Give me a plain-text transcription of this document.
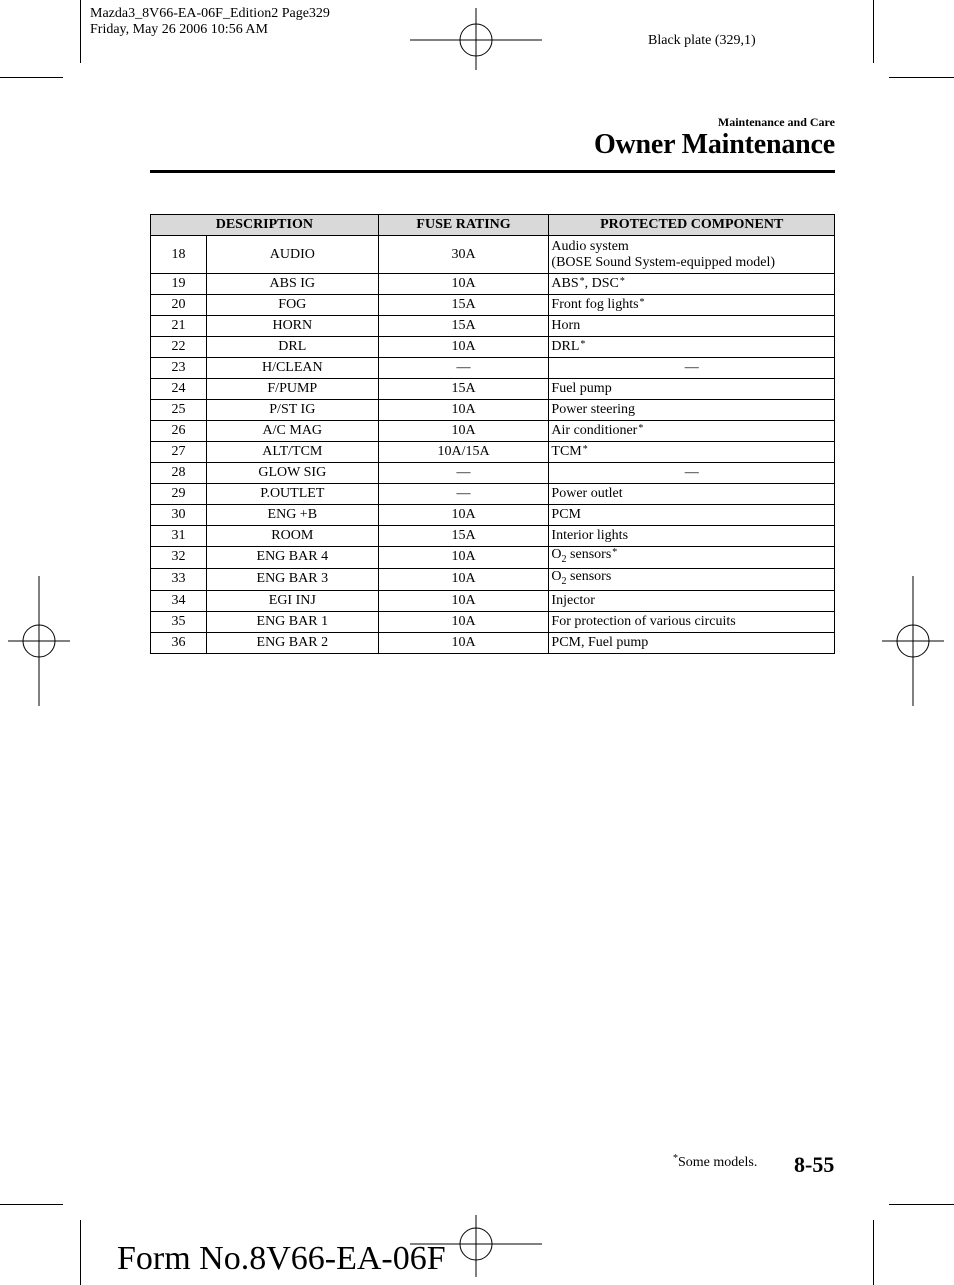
Mazda3_8V66-EA-06F_Edition2 Page329
Friday, May 26 2006 10:56 AM
Black plate (329,1)
Maintenance and Care
Owner Maintenance
DESCRIPTION		FUSE RATING	PROTECTED COMPONENT
18	AUDIO	30A	Audio system
(BOSE Sound System-equipped model)

19	ABS IG	10A	ABS*, DSC*
20	FOG	15A	Front fog lights*
21	HORN	15A	Horn
22	DRL	10A	DRL*
23	H/CLEAN	—	—
24	F/PUMP	15A	Fuel pump
25	P/ST IG	10A	Power steering
26	A/C MAG	10A	Air conditioner*
27	ALT/TCM	10A/15A	TCM*
28	GLOW SIG	—	—
29	P.OUTLET	—	Power outlet
30	ENG +B	10A	PCM
31	ROOM	15A	Interior lights
32	ENG BAR 4	10A	$O_2$ sensors*
33	ENG BAR 3	10A	$O_2$ sensors
34	EGI INJ	10A	Injector
35	ENG BAR 1	10A	For protection of various circuits
36	ENG BAR 2	10A	PCM, Fuel pump
*Some models. 8-55
Form No.8V66-EA-06F
